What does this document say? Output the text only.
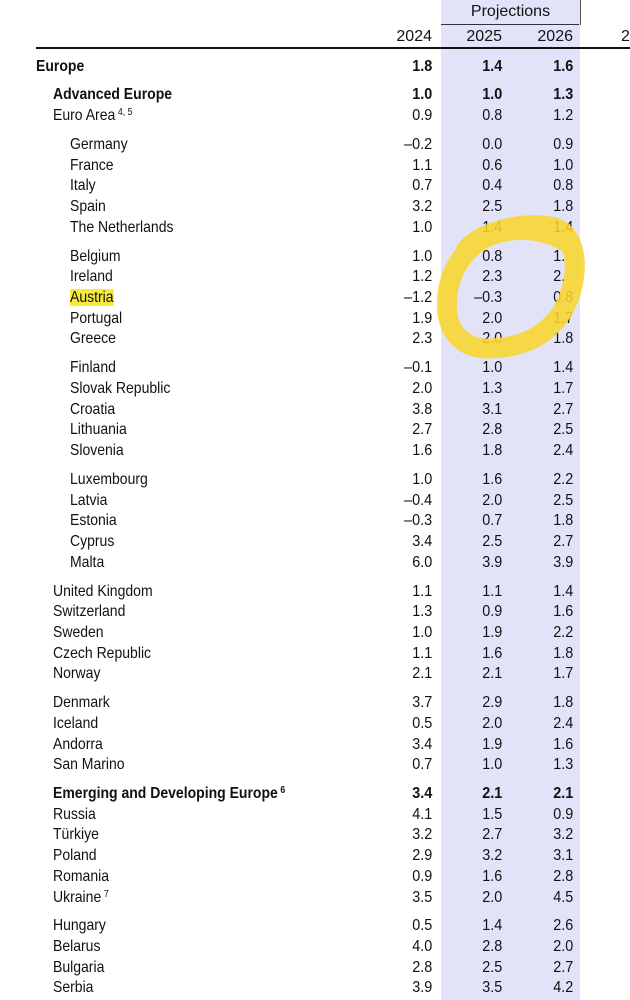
Projections
2024 2025 2026	2
Europe	1.8	1.4	1.6
Advanced Europe	1.0	1.0	1.3
Euro Area $^{4, 5}$	0.9	0.8	1.2
Germany	–0.2	0.0	0.9
France	1.1	0.6	1.0
Italy	0.7	0.4	0.8
Spain	3.2	2.5	1.8
The Netherlands	1.0	1.4	1.4
Belgium	1.0	0.8	1.
Ireland	1.2	2.3	2.
Austria	–1.2	–0.3	0.8
Portugal	1.9	2.0	1.7
Greece	2.3	2.0	1.8
Finland	–0.1	1.0	1.4
Slovak Republic	2.0	1.3	1.7
Croatia	3.8	3.1	2.7
Lithuania	2.7	2.8	2.5
Slovenia	1.6	1.8	2.4
Luxembourg	1.0	1.6	2.2
Latvia	–0.4	2.0	2.5
Estonia	–0.3	0.7	1.8
Cyprus	3.4	2.5	2.7
Malta	6.0	3.9	3.9
United Kingdom	1.1	1.1	1.4
Switzerland	1.3	0.9	1.6
Sweden	1.0	1.9	2.2
Czech Republic	1.1	1.6	1.8
Norway	2.1	2.1	1.7
Denmark	3.7	2.9	1.8
Iceland	0.5	2.0	2.4
Andorra	3.4	1.9	1.6
San Marino	0.7	1.0	1.3
Emerging and Developing Europe $^6$	3.4	2.1	2.1
Russia	4.1	1.5	0.9
Türkiye	3.2	2.7	3.2
Poland	2.9	3.2	3.1
Romania	0.9	1.6	2.8
Ukraine $^7$	3.5	2.0	4.5
Hungary	0.5	1.4	2.6
Belarus	4.0	2.8	2.0
Bulgaria	2.8	2.5	2.7
Serbia	3.9	3.5	4.2
